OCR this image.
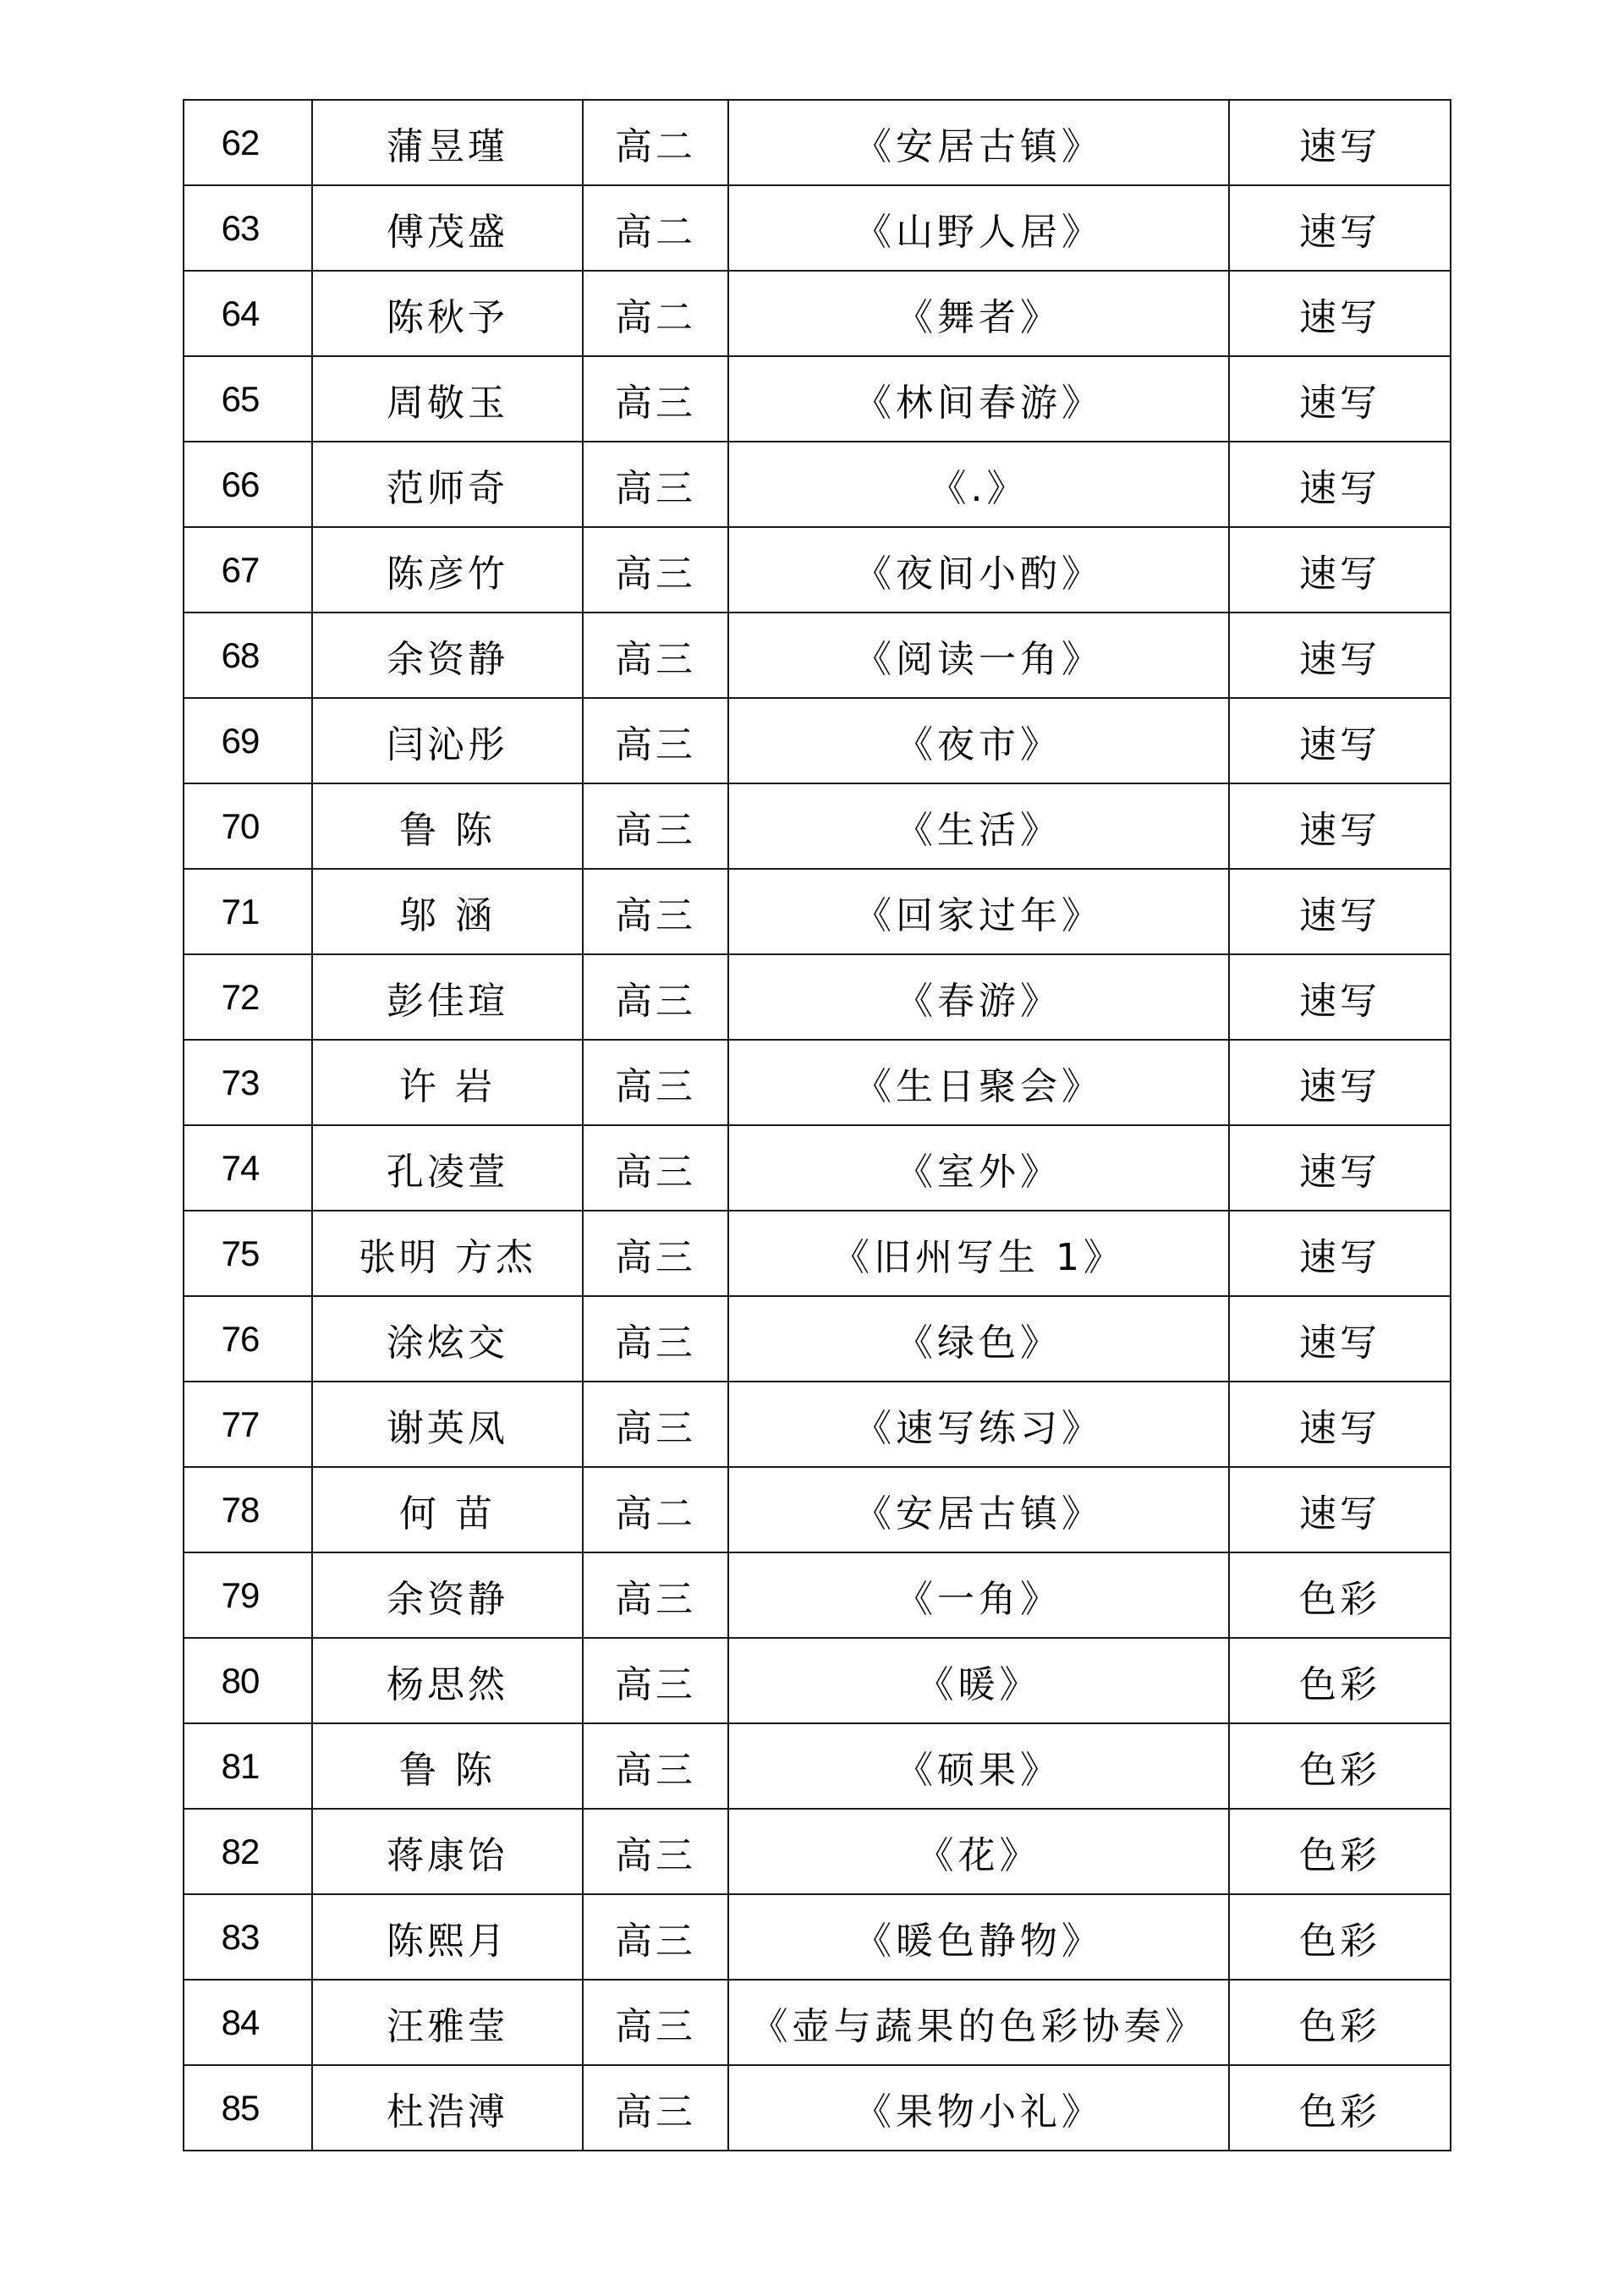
62	蒲昱瑾	高二	《安居古镇》	速写
63	傅茂盛	高二	《山野人居》	速写
64	陈秋予	高二	《舞者》	速写
65	周敬玉	高三	《林间春游》	速写
66	范师奇	高三	《.》	速写
67	陈彦竹	高三	《夜间小酌》	速写
68	余资静	高三	《阅读一角》	速写
69	闫沁彤	高三	《夜市》	速写
70	鲁 陈	高三	《生活》	速写
71	邬 涵	高三	《回家过年》	速写
72	彭佳瑄	高三	《春游》	速写
73	许 岩	高三	《生日聚会》	速写
74	孔凌萱	高三	《室外》	速写
75	张明 方杰	高三	《旧州写生 1》	速写
76	涂炫交	高三	《绿色》	速写
77	谢英凤	高三	《速写练习》	速写
78	何 苗	高二	《安居古镇》	速写
79	余资静	高三	《一角》	色彩
80	杨思然	高三	《暖》	色彩
81	鲁 陈	高三	《硕果》	色彩
82	蒋康饴	高三	《花》	色彩
83	陈熙月	高三	《暖色静物》	色彩
84	汪雅莹	高三	《壶与蔬果的色彩协奏》	色彩
85	杜浩溥	高三	《果物小礼》	色彩
